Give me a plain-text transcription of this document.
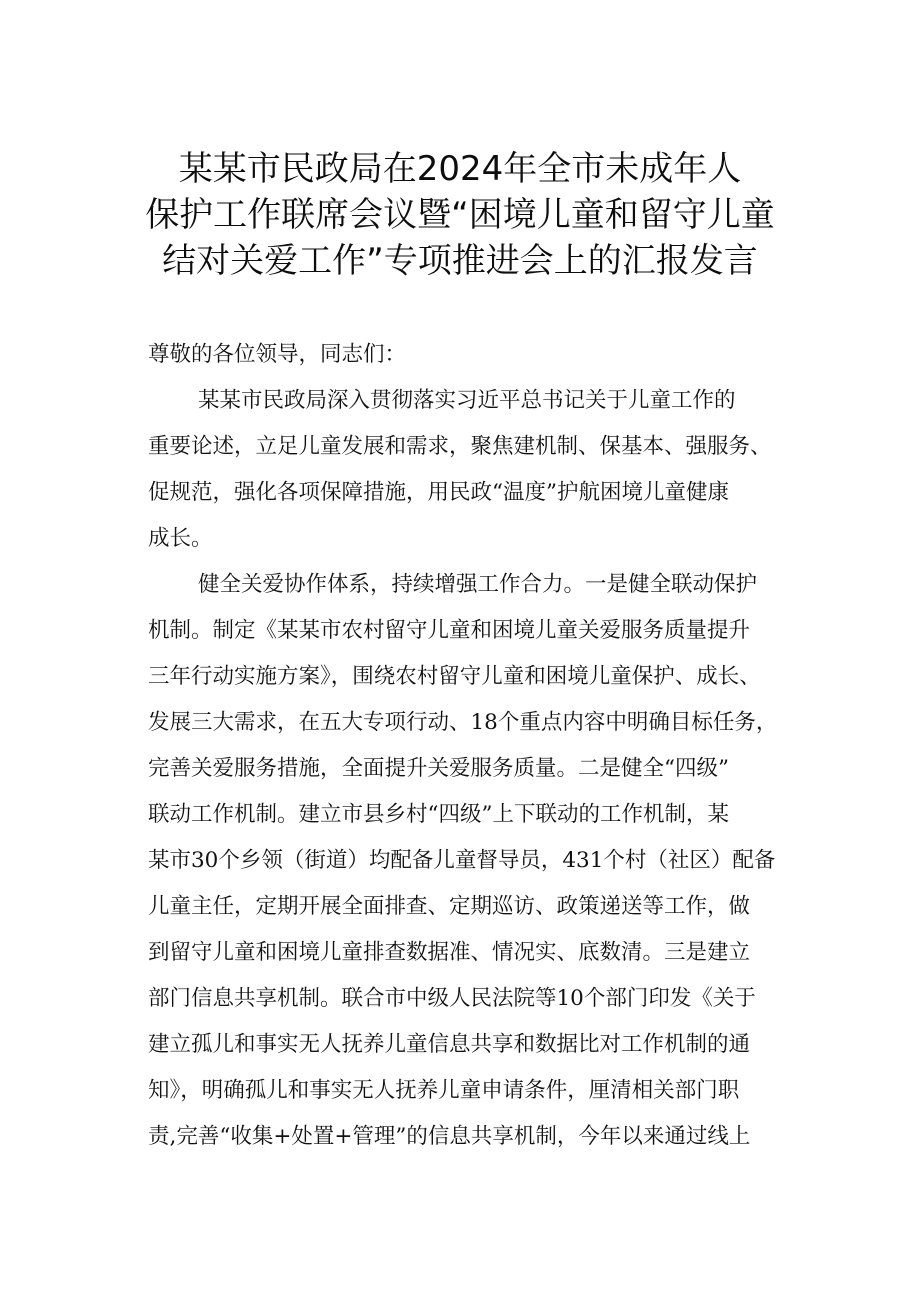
某某市民政局在2024年全市未成年人
保护工作联席会议暨“困境儿童和留守儿童
结对关爱工作”专项推进会上的汇报发言
尊敬的各位领导，同志们：
某某市民政局深入贯彻落实习近平总书记关于儿童工作的
重要论述，立足儿童发展和需求，聚焦建机制、保基本、强服务、
促规范，强化各项保障措施，用民政“温度”护航困境儿童健康
成长。
健全关爱协作体系，持续增强工作合力。一是健全联动保护
机制。制定《某某市农村留守儿童和困境儿童关爱服务质量提升
三年行动实施方案》，围绕农村留守儿童和困境儿童保护、成长、
发展三大需求，在五大专项行动、18个重点内容中明确目标任务，
完善关爱服务措施，全面提升关爱服务质量。二是健全“四级”
联动工作机制。建立市县乡村“四级”上下联动的工作机制，某
某市30个乡领（街道）均配备儿童督导员，431个村（社区）配备
儿童主任，定期开展全面排查、定期巡访、政策递送等工作，做
到留守儿童和困境儿童排查数据准、情况实、底数清。三是建立
部门信息共享机制。联合市中级人民法院等10个部门印发《关于
建立孤儿和事实无人抚养儿童信息共享和数据比对工作机制的通
知》，明确孤儿和事实无人抚养儿童申请条件，厘清相关部门职
责,完善“收集+处置+管理”的信息共享机制，今年以来通过线上
